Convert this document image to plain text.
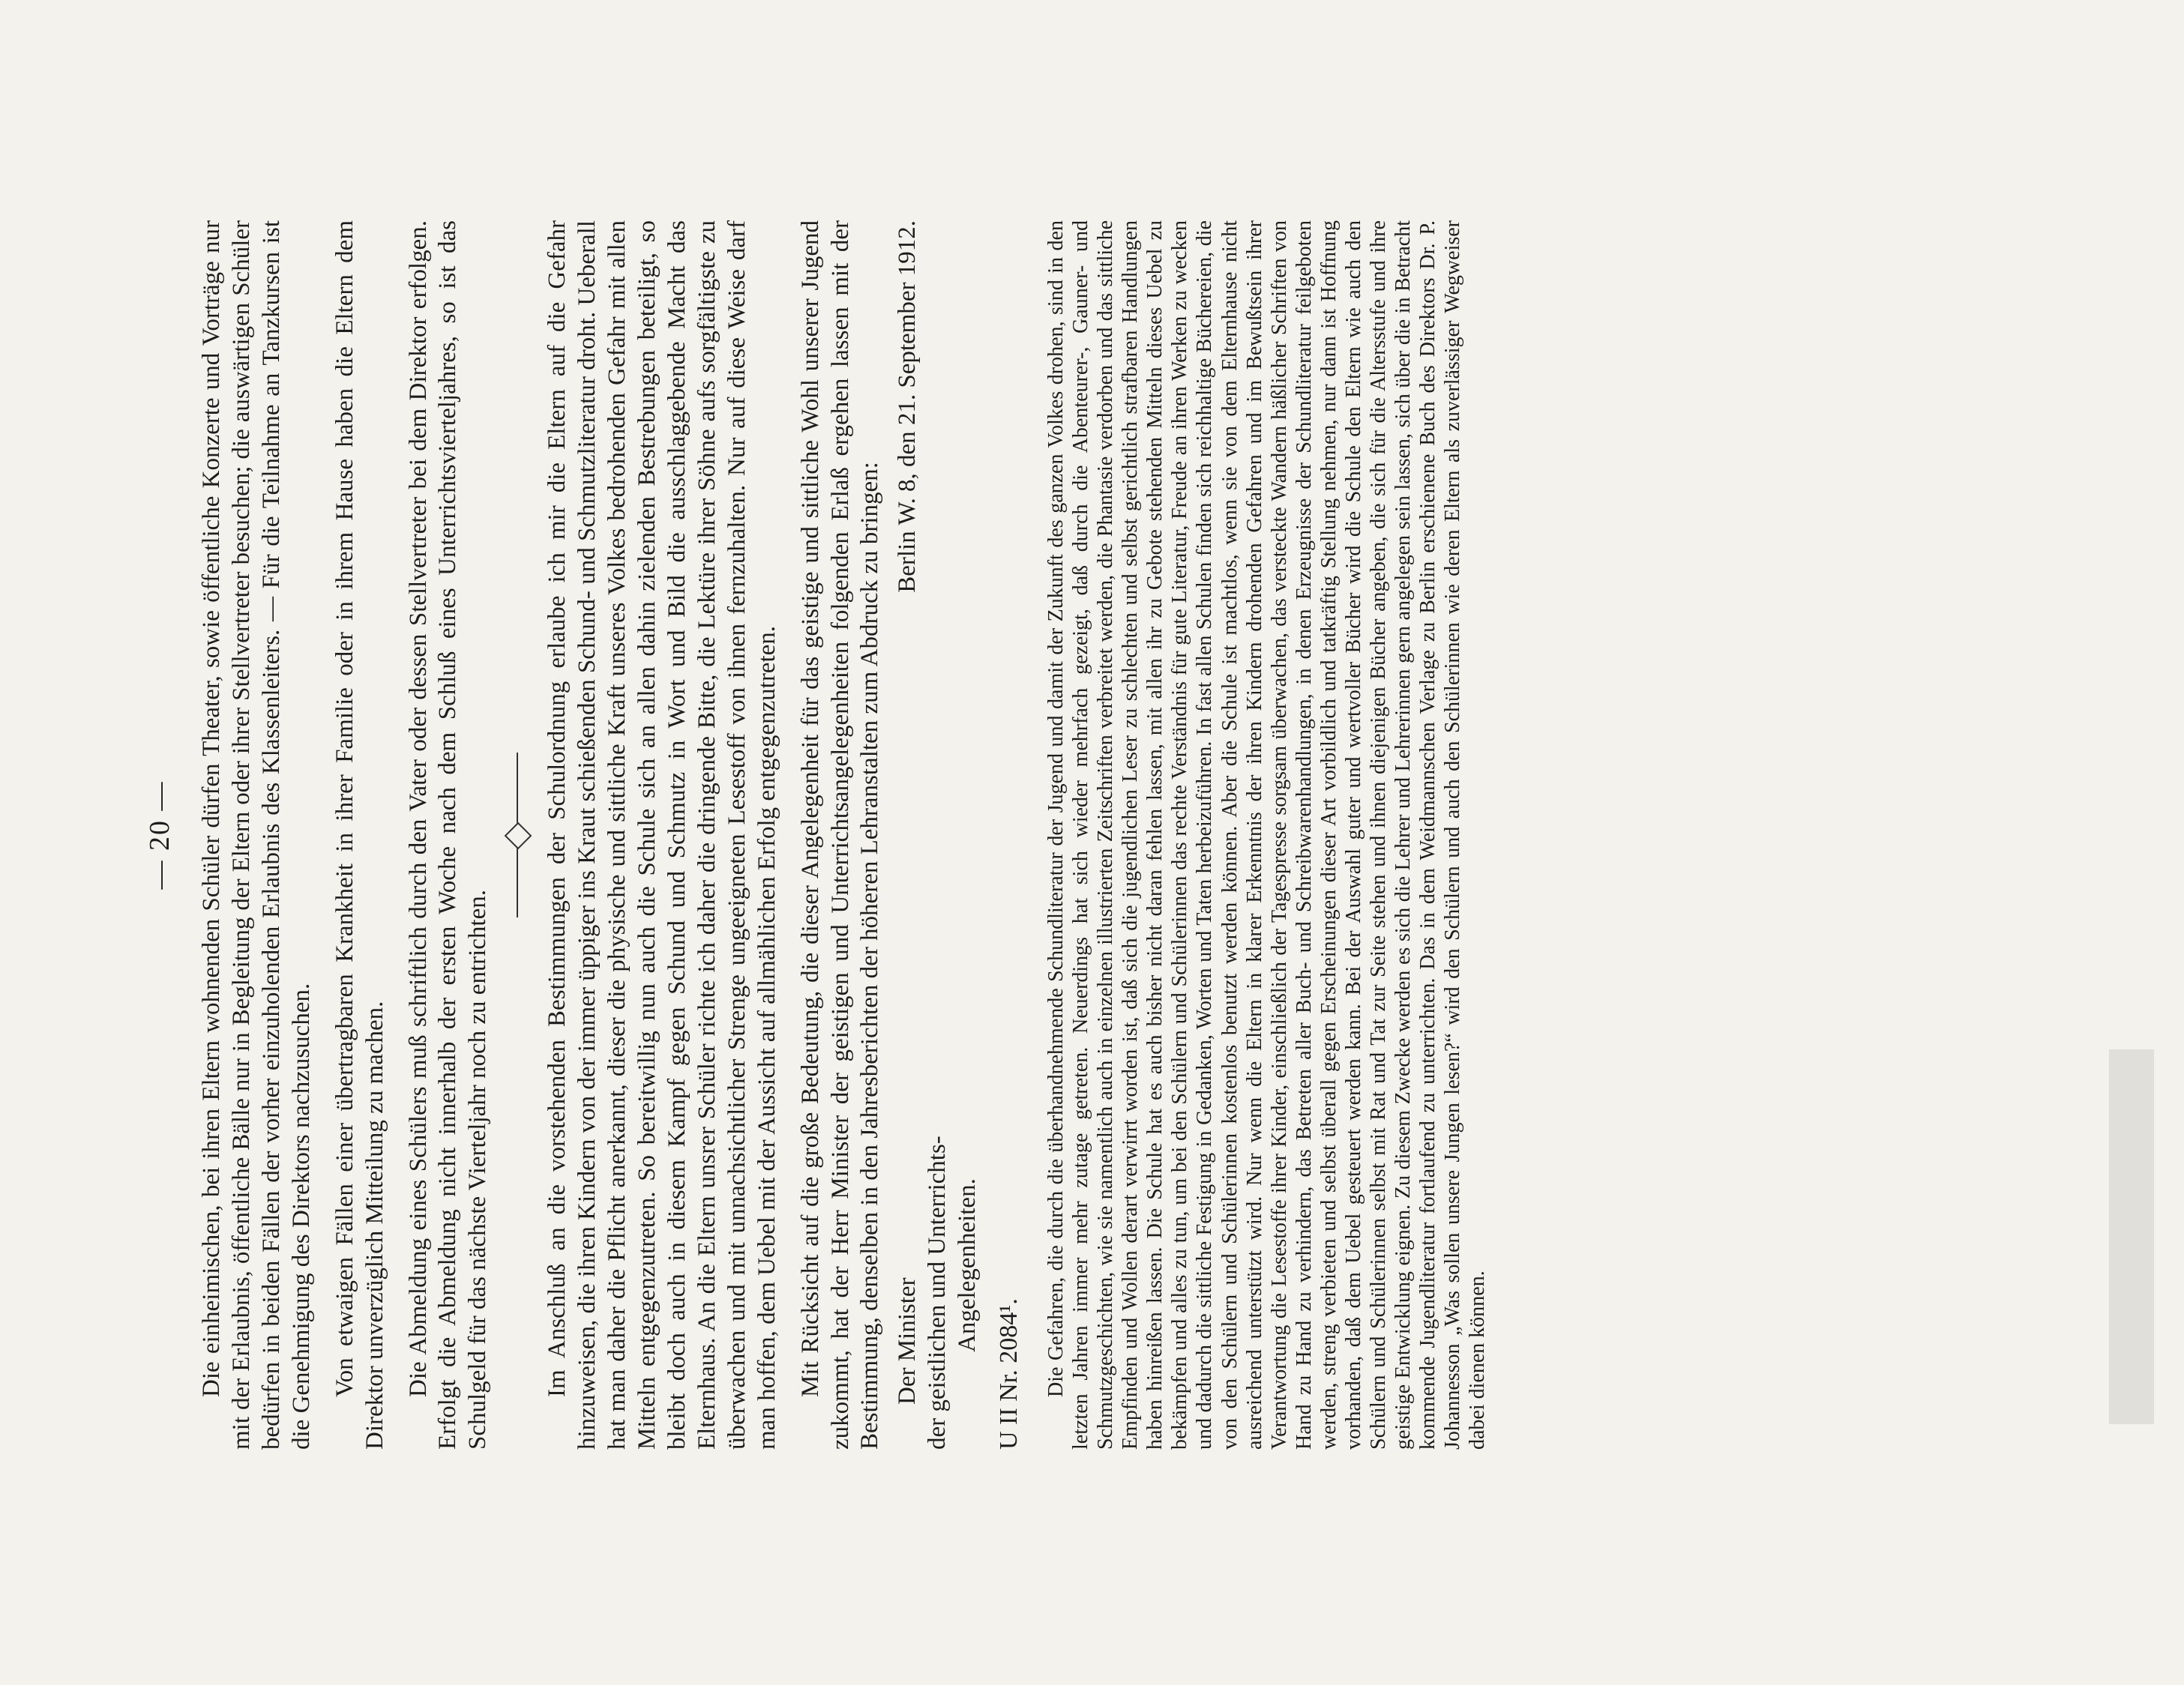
— 20 — Die einheimischen, bei ihren Eltern wohnenden Schüler dürfen Theater, sowie öffentliche Konzerte und Vorträge nur mit der Erlaubnis, öffentliche Bälle nur in Begleitung der Eltern oder ihrer Stellvertreter besuchen; die auswärtigen Schüler bedürfen in beiden Fällen der vorher einzuholenden Erlaubnis des Klassenleiters. — Für die Teilnahme an Tanzkursen ist die Genehmigung des Direktors nachzusuchen. Von etwaigen Fällen einer übertragbaren Krankheit in ihrer Familie oder in ihrem Hause haben die Eltern dem Direktor unverzüglich Mitteilung zu machen. Die Abmeldung eines Schülers muß schriftlich durch den Vater oder dessen Stellvertreter bei dem Direktor erfolgen. Erfolgt die Abmeldung nicht innerhalb der ersten Woche nach dem Schluß eines Unterrichtsvierteljahres, so ist das Schulgeld für das nächste Vierteljahr noch zu entrichten. Im Anschluß an die vorstehenden Bestimmungen der Schulordnung erlaube ich mir die Eltern auf die Gefahr hinzuweisen, die ihren Kindern von der immer üppiger ins Kraut schießenden Schund- und Schmutzliteratur droht. Ueberall hat man daher die Pflicht anerkannt, dieser die physische und sittliche Kraft unseres Volkes bedrohenden Gefahr mit allen Mitteln entgegenzutreten. So bereitwillig nun auch die Schule sich an allen dahin zielenden Bestrebungen beteiligt, so bleibt doch auch in diesem Kampf gegen Schund und Schmutz in Wort und Bild die ausschlaggebende Macht das Elternhaus. An die Eltern unsrer Schüler richte ich daher die dringende Bitte, die Lektüre ihrer Söhne aufs sorgfältigste zu überwachen und mit unnachsichtlicher Strenge ungeeigneten Lesestoff von ihnen fernzuhalten. Nur auf diese Weise darf man hoffen, dem Uebel mit der Aussicht auf allmählichen Erfolg entgegenzutreten. Mit Rücksicht auf die große Bedeutung, die dieser Angelegenheit für das geistige und sittliche Wohl unserer Jugend zukommt, hat der Herr Minister der geistigen und Unterrichtsangelegenheiten folgenden Erlaß ergehen lassen mit der Bestimmung, denselben in den Jahresberichten der höheren Lehranstalten zum Abdruck zu bringen: Der Minister der geistlichen und Unterrichts- Angelegenheiten.
Berlin W. 8, den 21. September 1912.
U II Nr. 2084¹. Die Gefahren, die durch die überhandnehmende Schundliteratur der Jugend und damit der Zukunft des ganzen Volkes drohen, sind in den letzten Jahren immer mehr zutage getreten. Neuerdings hat sich wieder mehrfach gezeigt, daß durch die Abenteurer-, Gauner- und Schmutzgeschichten, wie sie namentlich auch in einzelnen illustrierten Zeitschriften verbreitet werden, die Phantasie verdorben und das sittliche Empfinden und Wollen derart verwirrt worden ist, daß sich die jugendlichen Leser zu schlechten und selbst gerichtlich strafbaren Handlungen haben hinreißen lassen. Die Schule hat es auch bisher nicht daran fehlen lassen, mit allen ihr zu Gebote stehenden Mitteln dieses Uebel zu bekämpfen und alles zu tun, um bei den Schülern und Schülerinnen das rechte Verständnis für gute Literatur, Freude an ihren Werken zu wecken und dadurch die sittliche Festigung in Gedanken, Worten und Taten herbeizuführen. In fast allen Schulen finden sich reichhaltige Büchereien, die von den Schülern und Schülerinnen kostenlos benutzt werden können. Aber die Schule ist machtlos, wenn sie von dem Elternhause nicht ausreichend unterstützt wird. Nur wenn die Eltern in klarer Erkenntnis der ihren Kindern drohenden Gefahren und im Bewußtsein ihrer Verantwortung die Lesestoffe ihrer Kinder, einschließlich der Tagespresse sorgsam überwachen, das versteckte Wandern häßlicher Schriften von Hand zu Hand zu verhindern, das Betreten aller Buch- und Schreibwarenhandlungen, in denen Erzeugnisse der Schundliteratur feilgeboten werden, streng verbieten und selbst überall gegen Erscheinungen dieser Art vorbildlich und tatkräftig Stellung nehmen, nur dann ist Hoffnung vorhanden, daß dem Uebel gesteuert werden kann. Bei der Auswahl guter und wertvoller Bücher wird die Schule den Eltern wie auch den Schülern und Schülerinnen selbst mit Rat und Tat zur Seite stehen und ihnen diejenigen Bücher angeben, die sich für die Altersstufe und ihre geistige Entwicklung eignen. Zu diesem Zwecke werden es sich die Lehrer und Lehrerinnen gern angelegen sein lassen, sich über die in Betracht kommende Jugendliteratur fortlaufend zu unterrichten. Das in dem Weidmannschen Verlage zu Berlin erschienene Buch des Direktors Dr. P. Johannesson „Was sollen unsere Jungen lesen?“ wird den Schülern und auch den Schülerinnen wie deren Eltern als zuverlässiger Wegweiser dabei dienen können.
